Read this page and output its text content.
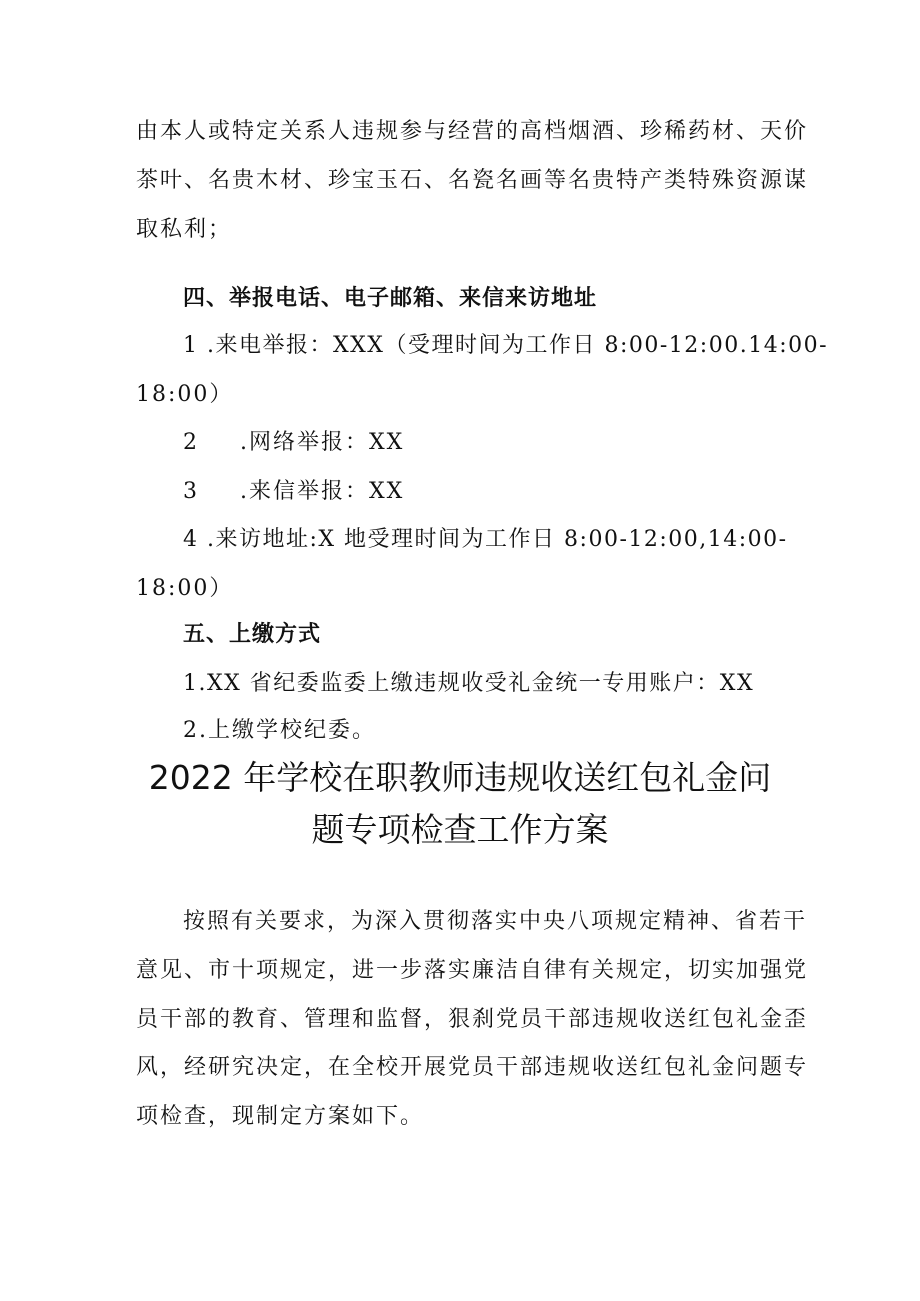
由本人或特定关系人违规参与经营的高档烟酒、珍稀药材、天价
茶叶、名贵木材、珍宝玉石、名瓷名画等名贵特产类特殊资源谋
取私利；
四、举报电话、电子邮箱、来信来访地址
1 .来电举报：XXX（受理时间为工作日 8:00-12:00.14:00-
18:00）
2 .网络举报：XX
3 .来信举报：XX
4 .来访地址:X 地受理时间为工作日 8:00-12:00,14:00-
18:00）
五、上缴方式
1.XX 省纪委监委上缴违规收受礼金统一专用账户：XX
2.上缴学校纪委。
2022 年学校在职教师违规收送红包礼金问
题专项检查工作方案
按照有关要求，为深入贯彻落实中央八项规定精神、省若干
意见、市十项规定，进一步落实廉洁自律有关规定，切实加强党
员干部的教育、管理和监督，狠刹党员干部违规收送红包礼金歪
风，经研究决定，在全校开展党员干部违规收送红包礼金问题专
项检查，现制定方案如下。
